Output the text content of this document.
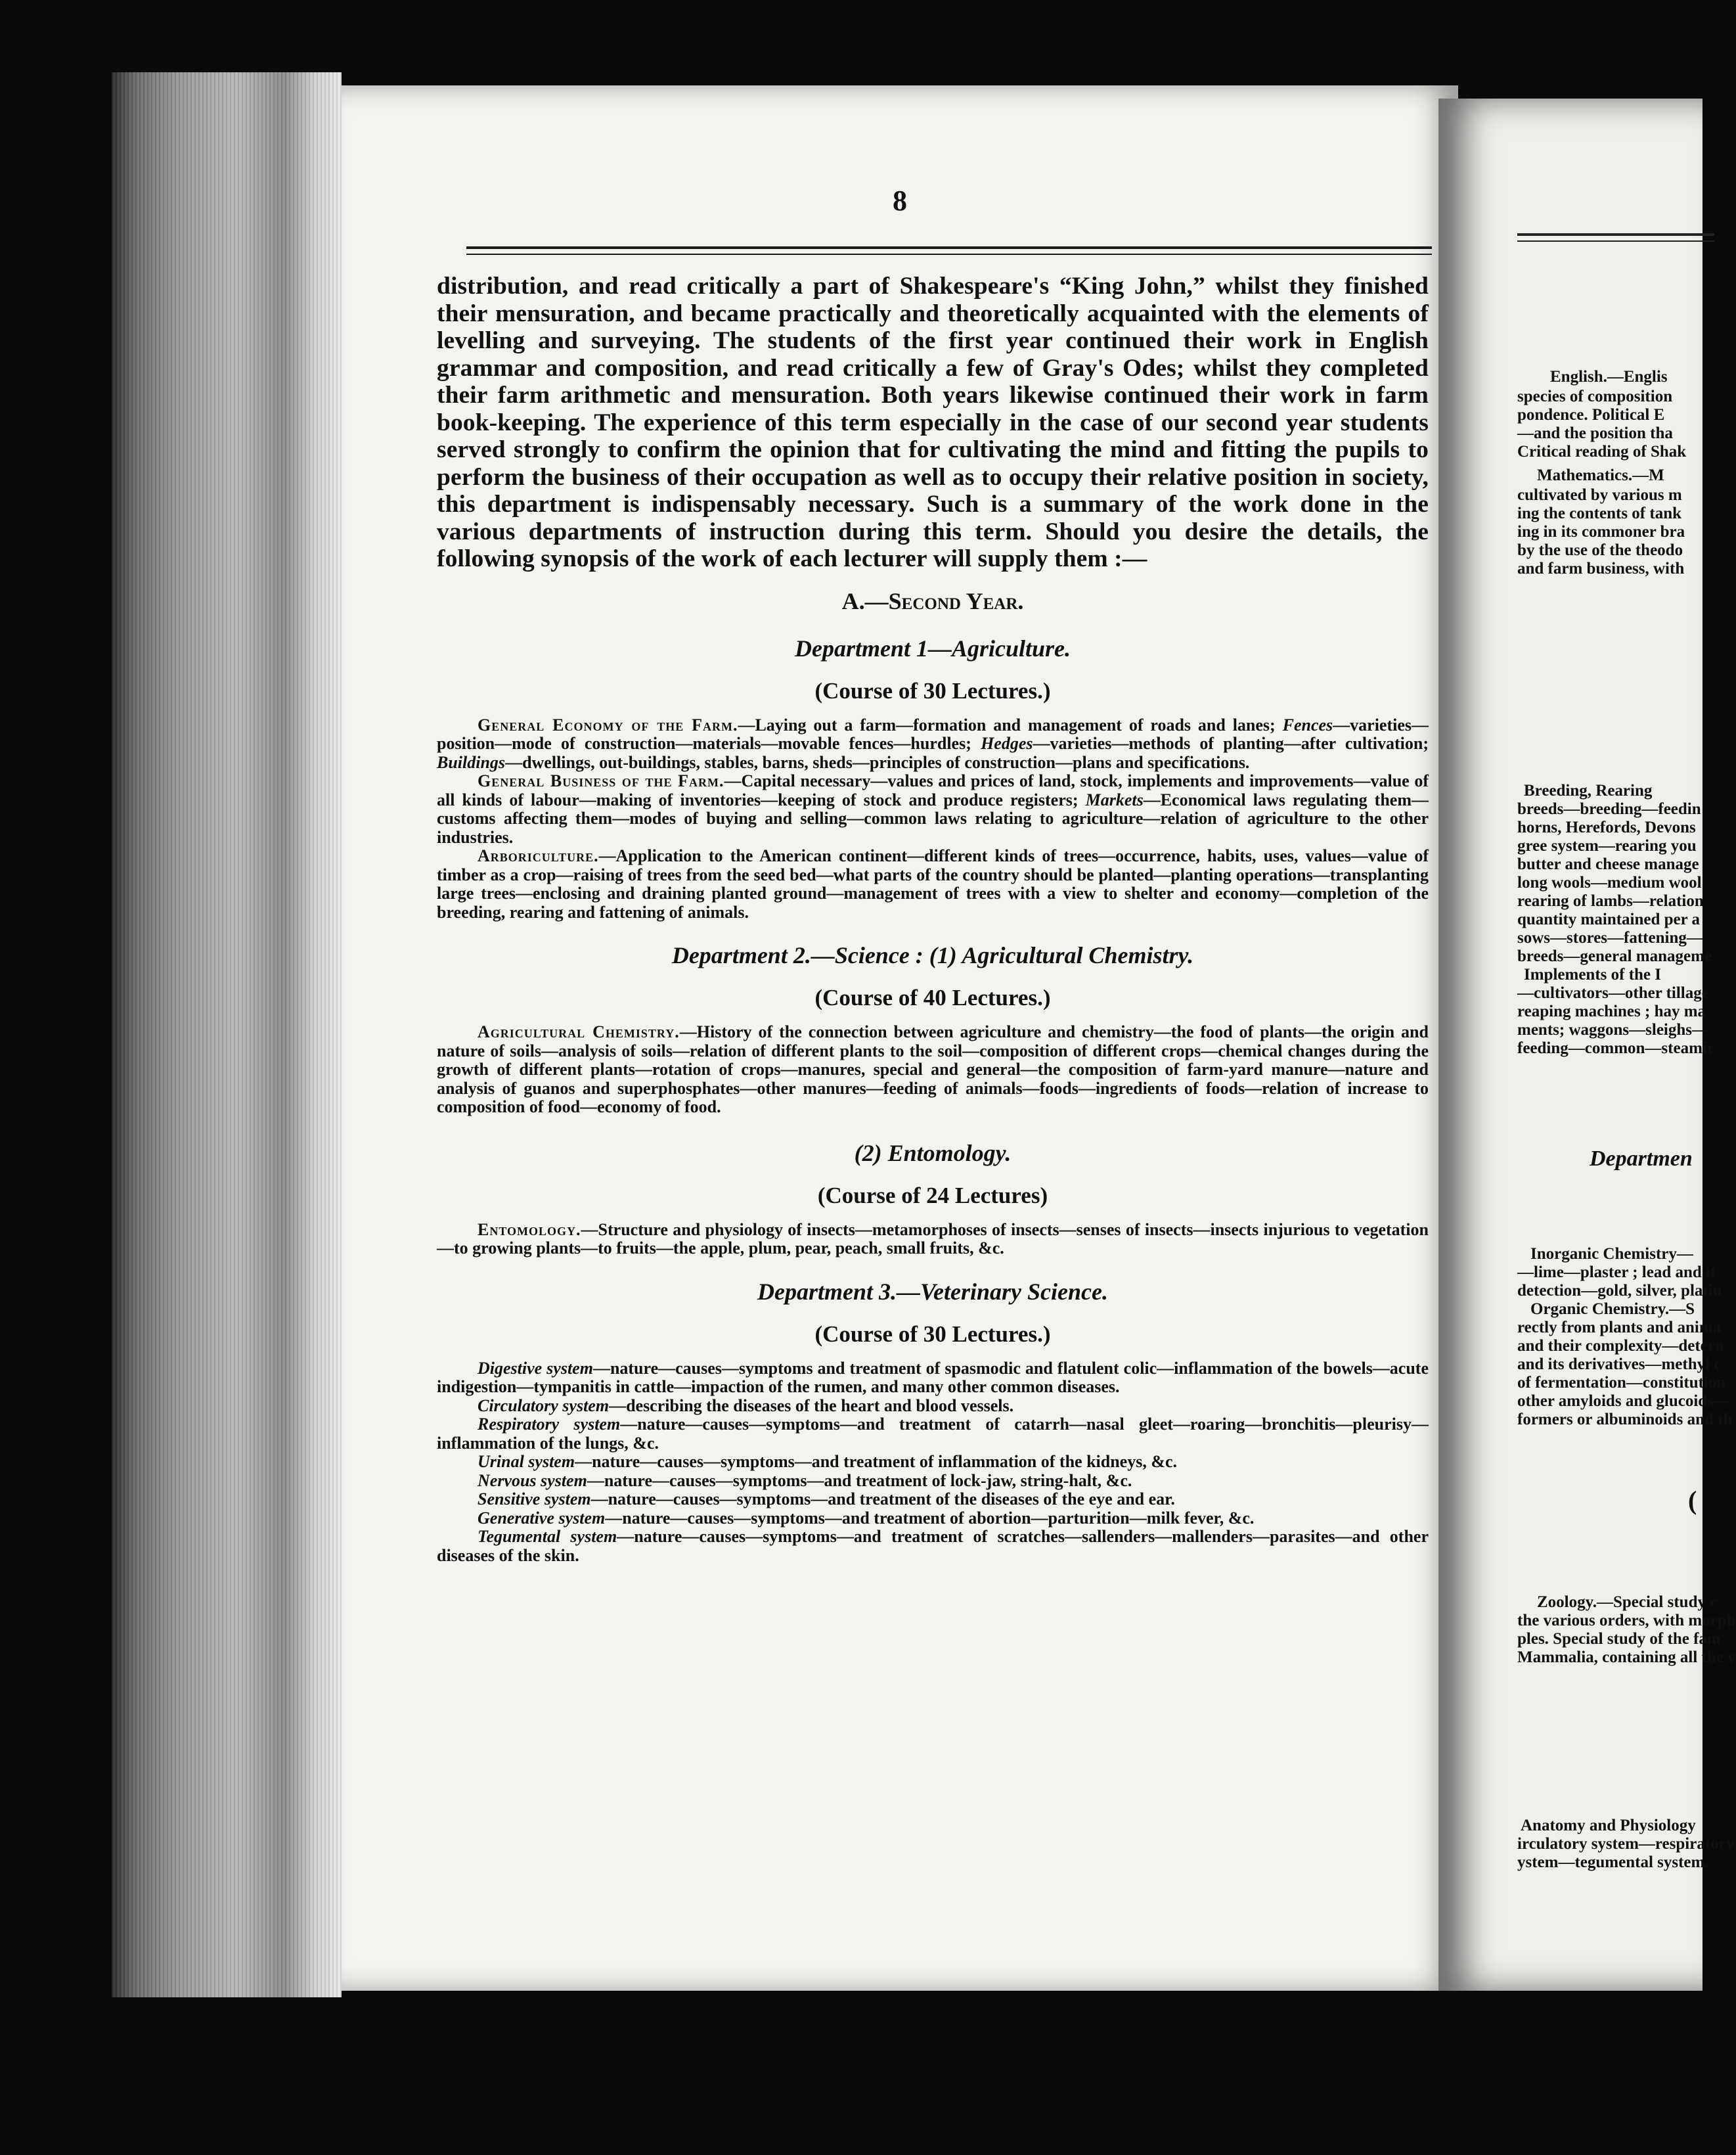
8

distribution, and read critically a part of Shakespeare's “King John,” whilst they finished their mensuration, and became practically and theoretically acquainted with the elements of levelling and surveying. The students of the first year continued their work in English grammar and composition, and read critically a few of Gray's Odes; whilst they completed their farm arithmetic and mensuration. Both years likewise continued their work in farm book-keeping. The experience of this term especially in the case of our second year students served strongly to confirm the opinion that for cultivating the mind and fitting the pupils to perform the business of their occupation as well as to occupy their relative position in society, this department is indispensably necessary. Such is a summary of the work done in the various departments of instruction during this term. Should you desire the details, the following synopsis of the work of each lecturer will supply them :—

A.—Second Year.
Department 1—Agriculture.
(Course of 30 Lectures.)

General Economy of the Farm.—Laying out a farm—formation and management of roads and lanes; Fences—varieties—position—mode of construction—materials—movable fences—hurdles; Hedges—varieties—methods of planting—after cultivation; Buildings—dwellings, out-buildings, stables, barns, sheds—principles of construction—plans and specifications.

General Business of the Farm.—Capital necessary—values and prices of land, stock, implements and improvements—value of all kinds of labour—making of inventories—keeping of stock and produce registers; Markets—Economical laws regulating them—customs affecting them—modes of buying and selling—common laws relating to agriculture—relation of agriculture to the other industries.

Arboriculture.—Application to the American continent—different kinds of trees—occurrence, habits, uses, values—value of timber as a crop—raising of trees from the seed bed—what parts of the country should be planted—planting operations—transplanting large trees—enclosing and draining planted ground—management of trees with a view to shelter and economy—completion of the breeding, rearing and fattening of animals.

Department 2.—Science : (1) Agricultural Chemistry.
(Course of 40 Lectures.)

Agricultural Chemistry.—History of the connection between agriculture and chemistry—the food of plants—the origin and nature of soils—analysis of soils—relation of different plants to the soil—composition of different crops—chemical changes during the growth of different plants—rotation of crops—manures, special and general—the composition of farm-yard manure—nature and analysis of guanos and superphosphates—other manures—feeding of animals—foods—ingredients of foods—relation of increase to composition of food—economy of food.

(2) Entomology.
(Course of 24 Lectures)

Entomology.—Structure and physiology of insects—metamorphoses of insects—senses of insects—insects injurious to vegetation—to growing plants—to fruits—the apple, plum, pear, peach, small fruits, &c.

Department 3.—Veterinary Science.
(Course of 30 Lectures.)

Digestive system—nature—causes—symptoms and treatment of spasmodic and flatulent colic—inflammation of the bowels—acute indigestion—tympanitis in cattle—impaction of the rumen, and many other common diseases.

Circulatory system—describing the diseases of the heart and blood vessels.

Respiratory system—nature—causes—symptoms—and treatment of catarrh—nasal gleet—roaring—bronchitis—pleurisy—inflammation of the lungs, &c.

Urinal system—nature—causes—symptoms—and treatment of inflammation of the kidneys, &c.

Nervous system—nature—causes—symptoms—and treatment of lock-jaw, string-halt, &c.

Sensitive system—nature—causes—symptoms—and treatment of the diseases of the eye and ear.

Generative system—nature—causes—symptoms—and treatment of abortion—parturition—milk fever, &c.

Tegumental system—nature—causes—symptoms—and treatment of scratches—sallenders—mallenders—parasites—and other diseases of the skin.

English.—Englis
species of composition
pondence. Political E
—and the position tha
Critical reading of Shak
Mathematics.—M
cultivated by various m
ing the contents of tank
ing in its commoner bra
by the use of the theodo
and farm business, with
Breeding, Rearing
breeds—breeding—feedin
horns, Herefords, Devons
gree system—rearing you
butter and cheese manage
long wools—medium wool
rearing of lambs—relation
quantity maintained per a
sows—stores—fattening—
breeds—general manageme
Implements of the I
—cultivators—other tillage
reaping machines ; hay ma
ments; waggons—sleighs—
feeding—common—steamir
Departmen
Inorganic Chemistry—
—lime—plaster ; lead and it
detection—gold, silver, platin
Organic Chemistry.—S
rectly from plants and anima
and their complexity—detern
and its derivatives—methyl c
of fermentation—constitution
other amyloids and glucoids—
formers or albuminoids and th
(
Zoology.—Special study c
the various orders, with morph
ples. Special study of the fam
Mammalia, containing all the v
Anatomy and Physiology
irculatory system—respiratory
ystem—tegumental system.
